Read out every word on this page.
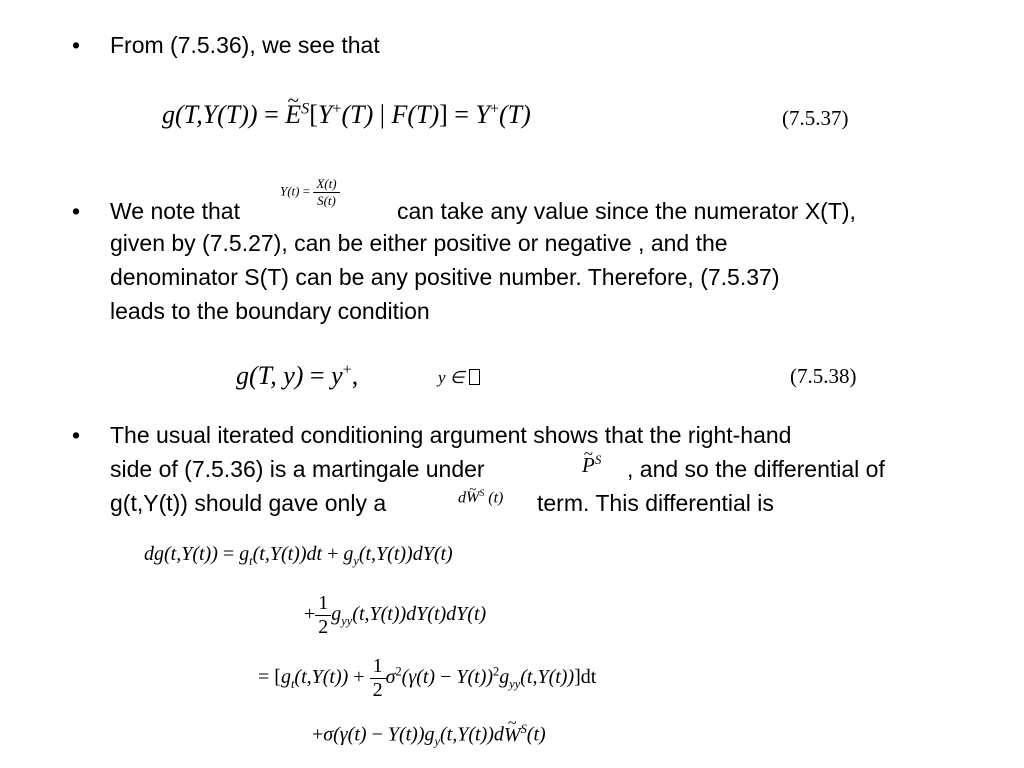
• From (7.5.36), we see that
g(T,Y(T)) = ~ $E^S[Y^+(T)$ | F(T)] = Y+(T)	(7.5.37)
• We note that
$Y(t) = \frac{X(t)}{S(t)}$
can take any value since the numerator X(T),
given by (7.5.27), can be either positive or negative , and the
denominator S(T) can be any positive number. Therefore, (7.5.37)
leads to the boundary condition
g(T, y) = y+,	y ∈	(7.5.38)
• The usual iterated conditioning argument shows that the right-hand
side of (7.5.36) is a martingale under	~ $P^S$ , and so the differential of
g(t,Y(t)) should gave only a	d~ $W^S$ (t) term. This differential is
$dg(t,Y(t)) = g_t(t,Y(t))dt + g_y(t,Y(t))dY(t)$
+ $\frac{1}{2} g_{yy}(t,Y(t))dY(t)dY(t)$
= $[g_t(t,Y(t)) + \frac{1}{2} \sigma^2(\gamma(t) - Y(t))^2g_{yy}(t,Y(t))]dt$
$+\sigma(\gamma(t) - Y(t))g_y(t,Y(t))d\sim$ $W^S(t)$
